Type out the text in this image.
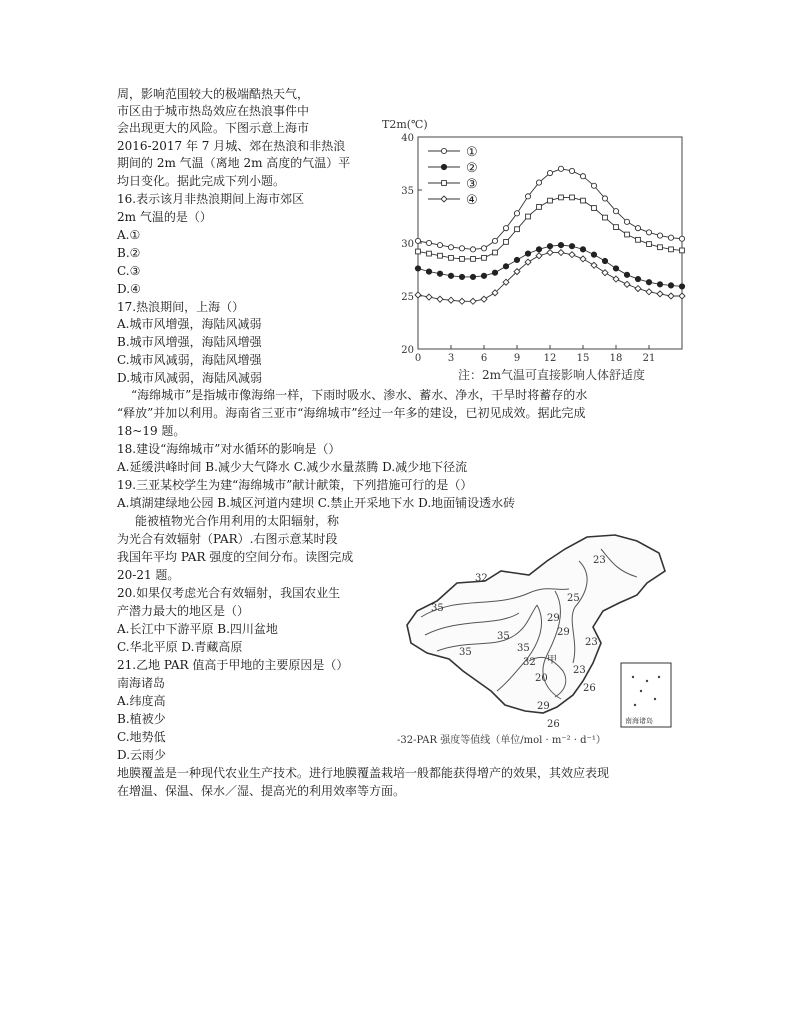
周，影响范围较大的极端酷热天气，
市区由于城市热岛效应在热浪事件中
会出现更大的风险。下图示意上海市
2016-2017 年 7 月城、郊在热浪和非热浪
期间的 2m 气温（离地 2m 高度的气温）平
均日变化。据此完成下列小题。
16.表示该月非热浪期间上海市郊区
2m 气温的是（）
A.①
B.②
C.③
D.④
17.热浪期间，上海（）
A.城市风增强，海陆风减弱
B.城市风增强，海陆风增强
C.城市风减弱，海陆风增强
D.城市风减弱，海陆风减弱
“海绵城市”是指城市像海绵一样，下雨时吸水、渗水、蓄水、净水，干旱时将蓄存的水
“释放”并加以利用。海南省三亚市“海绵城市”经过一年多的建设，已初见成效。据此完成
18~19 题。
18.建设“海绵城市”对水循环的影响是（）
A.延缓洪峰时间 B.减少大气降水 C.减少水量蒸腾 D.减少地下径流
19.三亚某校学生为建“海绵城市”献计献策，下列措施可行的是（）
A.填湖建绿地公园 B.城区河道内建坝 C.禁止开采地下水 D.地面铺设透水砖
能被植物光合作用利用的太阳辐射，称
为光合有效辐射（PAR）.右图示意某时段
我国年平均 PAR 强度的空间分布。读图完成
20-21 题。
20.如果仅考虑光合有效辐射，我国农业生
产潜力最大的地区是（）
A.长江中下游平原 B.四川盆地
C.华北平原 D.青藏高原
21.乙地 PAR 值高于甲地的主要原因是（）
南海诸岛
A.纬度高
B.植被少
C.地势低
D.云雨少
地膜覆盖是一种现代农业生产技术。进行地膜覆盖栽培一般都能获得增产的效果，其效应表现
在增温、保温、保水／湿、提高光的利用效率等方面。
T2m(℃)
20
25
30
35
40
0	3	6	9 12 15 18 21
①
②
③
④
注：2m气温可直接影响人体舒适度
南海诸岛
23
25
29
32
35
35
35	35
32 甲
20
23
23
26
26
29
29
-32-PAR 强度等值线（单位/mol · m⁻² · d⁻¹）
